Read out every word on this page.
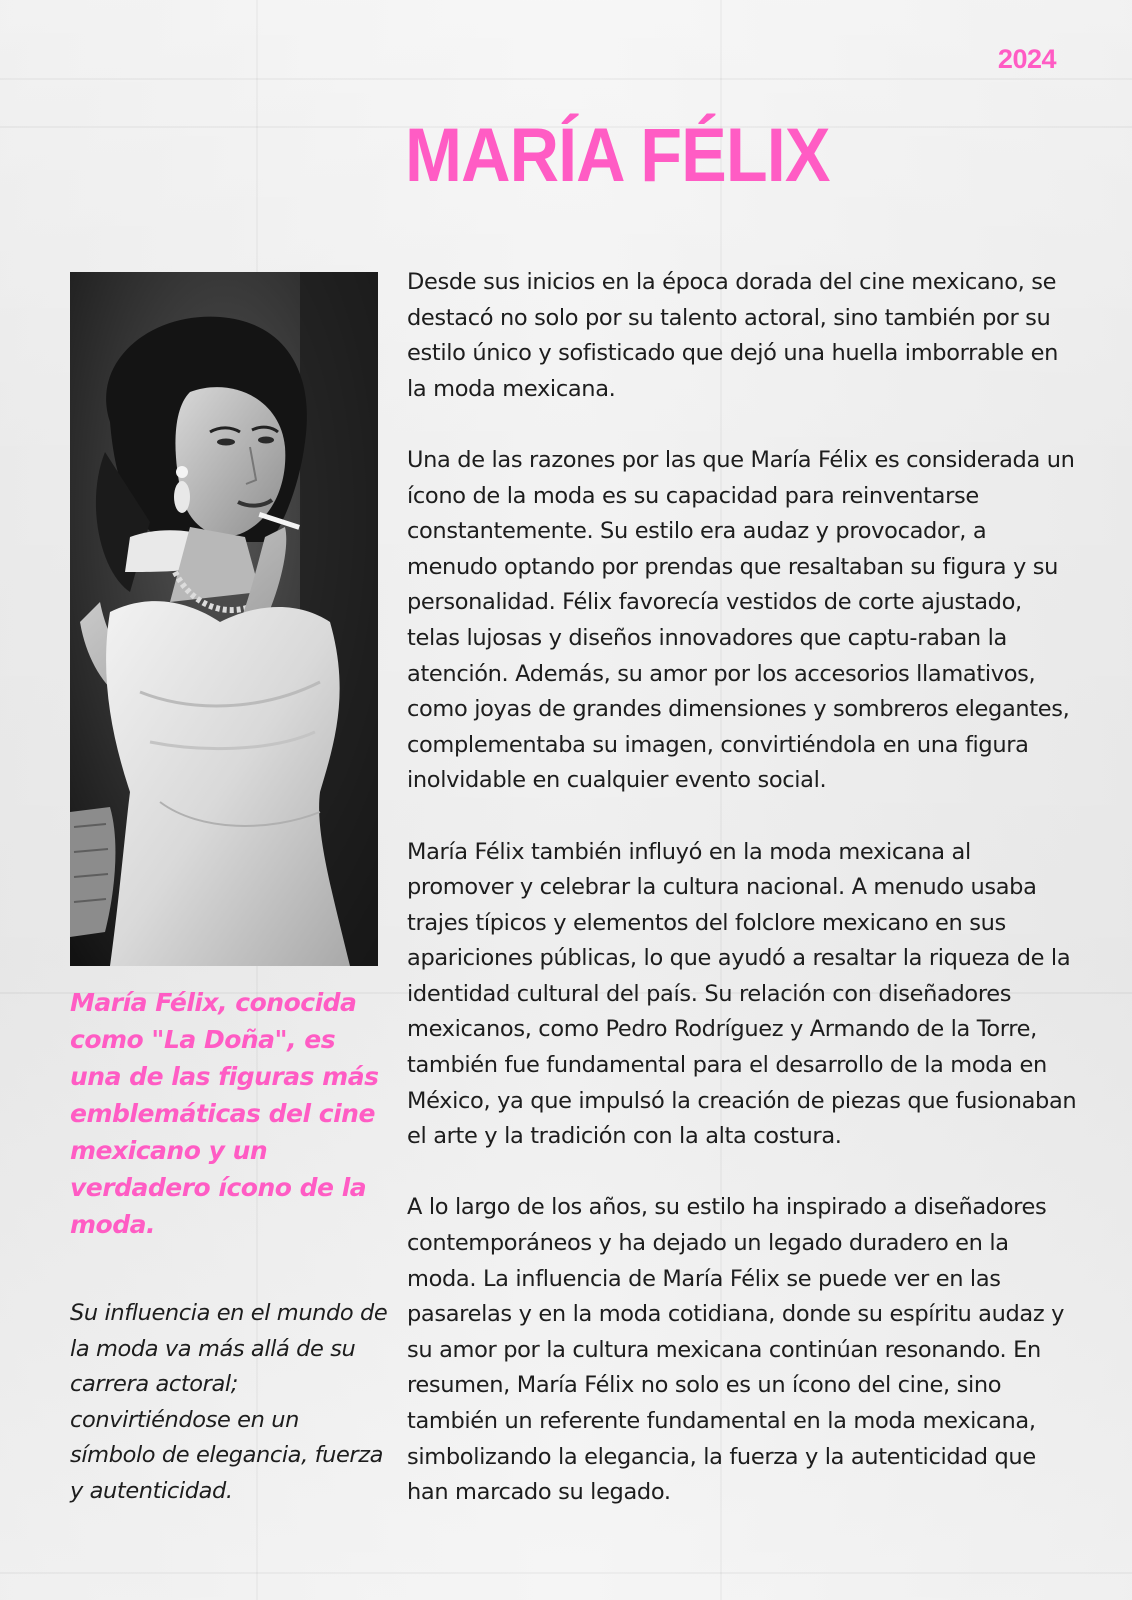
2024
MARÍA FÉLIX

María Félix, conocida como "La Doña", es una de las figuras más emblemáticas del cine mexicano y un verdadero ícono de la moda.

Su influencia en el mundo de la moda va más allá de su carrera actoral; convirtiéndose en un símbolo de elegancia, fuerza y autenticidad.

Desde sus inicios en la época dorada del cine mexicano, se destacó no solo por su talento actoral, sino también por su estilo único y sofisticado que dejó una huella imborrable en la moda mexicana.

Una de las razones por las que María Félix es considerada un ícono de la moda es su capacidad para reinventarse constantemente. Su estilo era audaz y provocador, a menudo optando por prendas que resaltaban su figura y su personalidad. Félix favorecía vestidos de corte ajustado, telas lujosas y diseños innovadores que captu-raban la atención. Además, su amor por los accesorios llamativos, como joyas de grandes dimensiones y sombreros elegantes, complementaba su imagen, convirtiéndola en una figura inolvidable en cualquier evento social.

María Félix también influyó en la moda mexicana al promover y celebrar la cultura nacional. A menudo usaba trajes típicos y elementos del folclore mexicano en sus apariciones públicas, lo que ayudó a resaltar la riqueza de la identidad cultural del país. Su relación con diseñadores mexicanos, como Pedro Rodríguez y Armando de la Torre, también fue fundamental para el desarrollo de la moda en México, ya que impulsó la creación de piezas que fusionaban el arte y la tradición con la alta costura.

A lo largo de los años, su estilo ha inspirado a diseñadores contemporáneos y ha dejado un legado duradero en la moda. La influencia de María Félix se puede ver en las pasarelas y en la moda cotidiana, donde su espíritu audaz y su amor por la cultura mexicana continúan resonando. En resumen, María Félix no solo es un ícono del cine, sino también un referente fundamental en la moda mexicana, simbolizando la elegancia, la fuerza y la autenticidad que han marcado su legado.
